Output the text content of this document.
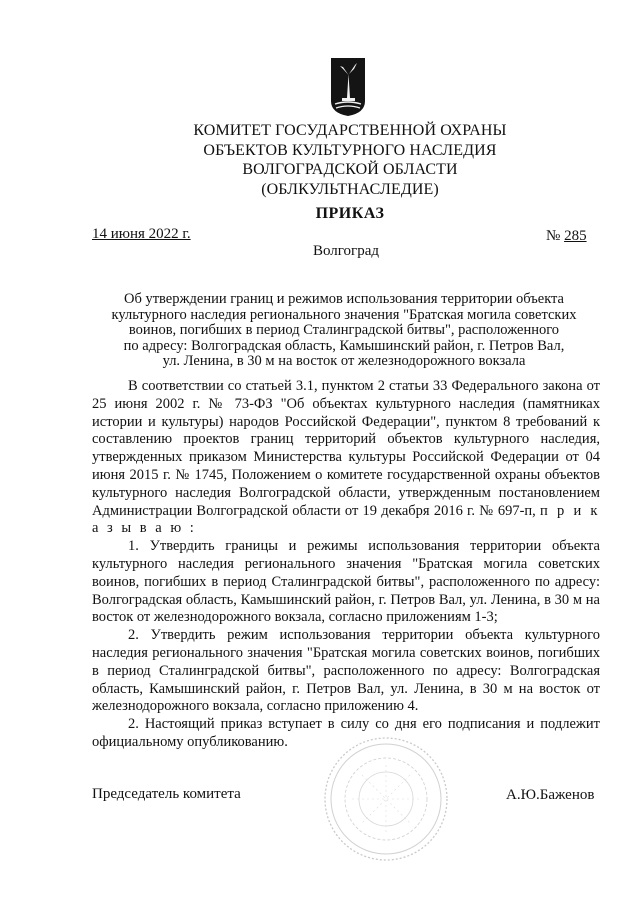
КОМИТЕТ ГОСУДАРСТВЕННОЙ ОХРАНЫ
ОБЪЕКТОВ КУЛЬТУРНОГО НАСЛЕДИЯ
ВОЛГОГРАДСКОЙ ОБЛАСТИ
(ОБЛКУЛЬТНАСЛЕДИЕ)
ПРИКАЗ
14 июня 2022 г.	№ 285
Волгоград
Об утверждении границ и режимов использования территории объекта
культурного наследия регионального значения "Братская могила советских
воинов, погибших в период Сталинградской битвы", расположенного
по адресу: Волгоградская область, Камышинский район, г. Петров Вал,
ул. Ленина, в 30 м на восток от железнодорожного вокзала

В соответствии со статьей 3.1, пунктом 2 статьи 33 Федерального закона от 25 июня 2002 г. № 73-ФЗ "Об объектах культурного наследия (памятниках истории и культуры) народов Российской Федерации", пунктом 8 требований к составлению проектов границ территорий объектов культурного наследия, утвержденных приказом Министерства культуры Российской Федерации от 04 июня 2015 г. № 1745, Положением о комитете государственной охраны объектов культурного наследия Волгоградской области, утвержденным постановлением Администрации Волгоградской области от 19 декабря 2016 г. № 697-п, п р и к а з ы в а ю :

1. Утвердить границы и режимы использования территории объекта культурного наследия регионального значения "Братская могила советских воинов, погибших в период Сталинградской битвы", расположенного по адресу: Волгоградская область, Камышинский район, г. Петров Вал, ул. Ленина, в 30 м на восток от железнодорожного вокзала, согласно приложениям 1-3;

2. Утвердить режим использования территории объекта культурного наследия регионального значения "Братская могила советских воинов, погибших в период Сталинградской битвы", расположенного по адресу: Волгоградская область, Камышинский район, г. Петров Вал, ул. Ленина, в 30 м на восток от железнодорожного вокзала, согласно приложению 4.

2. Настоящий приказ вступает в силу со дня его подписания и подлежит официальному опубликованию.

Председатель комитета	А.Ю.Баженов
